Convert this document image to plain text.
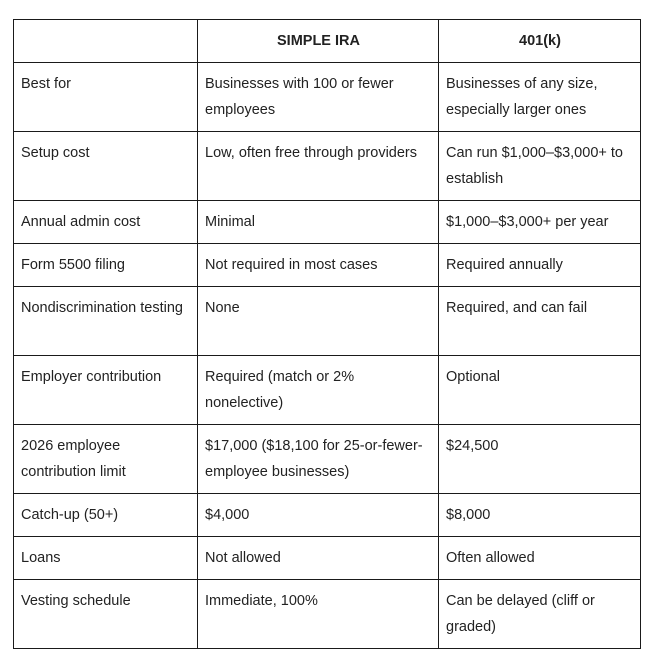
	SIMPLE IRA	401(k)
Best for	Businesses with 100 or fewer employees	Businesses of any size, especially larger ones
Setup cost	Low, often free through providers	Can run $1,000–$3,000+ to establish
Annual admin cost	Minimal	$1,000–$3,000+ per year
Form 5500 filing	Not required in most cases	Required annually
Nondiscrimination testing	None	Required, and can fail
Employer contribution	Required (match or 2% nonelective)	Optional
2026 employee contribution limit	$17,000 ($18,100 for 25-or-fewer-employee businesses)	$24,500
Catch-up (50+)	$4,000	$8,000
Loans	Not allowed	Often allowed
Vesting schedule	Immediate, 100%	Can be delayed (cliff or graded)
